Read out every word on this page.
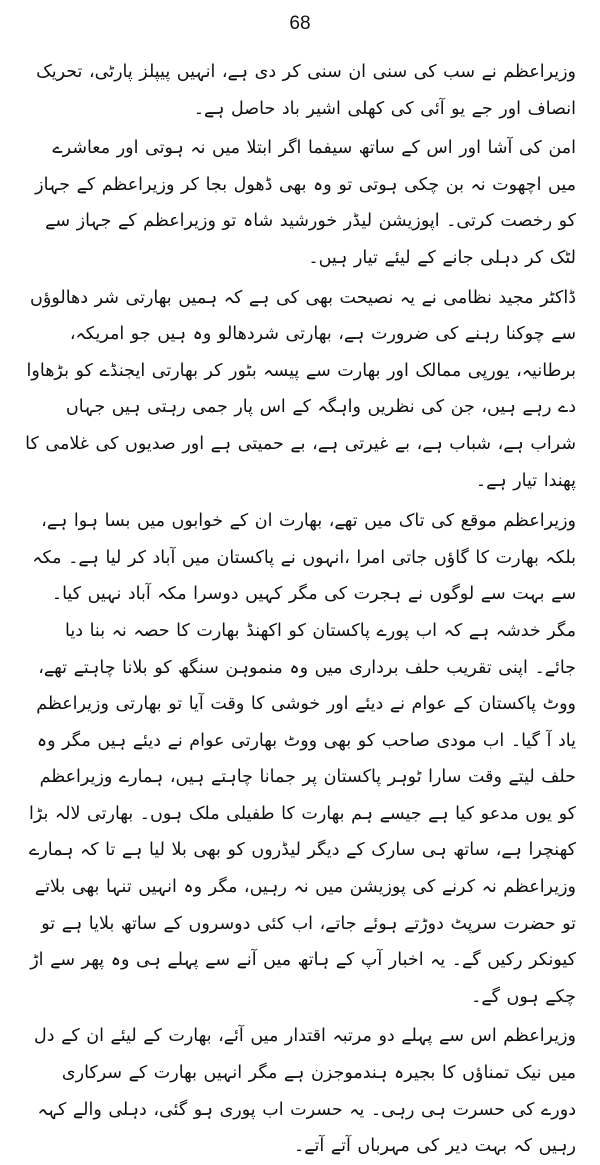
68

وزیراعظم نے سب کی سنی ان سنی کر دی ہے، انہیں پیپلز پارٹی، تحریک انصاف اور جے یو آئی کی کھلی اشیر باد حاصل ہے۔

امن کی آشا اور اس کے ساتھ سیفما اگر ابتلا میں نہ ہوتی اور معاشرے میں اچھوت نہ بن چکی ہوتی تو وہ بھی ڈھول بجا کر وزیراعظم کے جہاز کو رخصت کرتی۔ اپوزیشن لیڈر خورشید شاہ تو وزیراعظم کے جہاز سے لٹک کر دہلی جانے کے لیئے تیار ہیں۔

ڈاکٹر مجید نظامی نے یہ نصیحت بھی کی ہے کہ ہمیں بھارتی شر دھالوؤں سے چوکنا رہنے کی ضرورت ہے، بھارتی شردھالو وہ ہیں جو امریکہ، برطانیہ، یورپی ممالک اور بھارت سے پیسہ بٹور کر بھارتی ایجنڈے کو بڑھاوا دے رہے ہیں، جن کی نظریں واہگہ کے اس پار جمی رہتی ہیں جہاں شراب ہے، شباب ہے، بے غیرتی ہے، بے حمیتی ہے اور صدیوں کی غلامی کا پھندا تیار ہے۔

وزیراعظم موقع کی تاک میں تھے، بھارت ان کے خوابوں میں بسا ہوا ہے، بلکہ بھارت کا گاؤں جاتی امرا ،انہوں نے پاکستان میں آباد کر لیا ہے۔ مکہ سے بہت سے لوگوں نے ہجرت کی مگر کہیں دوسرا مکہ آباد نہیں کیا۔ مگر خدشہ ہے کہ اب پورے پاکستان کو اکھنڈ بھارت کا حصہ نہ بنا دیا جائے۔ اپنی تقریب حلف برداری میں وہ منموہن سنگھ کو بلانا چاہتے تھے، ووٹ پاکستان کے عوام نے دیئے اور خوشی کا وقت آیا تو بھارتی وزیراعظم یاد آ گیا۔ اب مودی صاحب کو بھی ووٹ بھارتی عوام نے دیئے ہیں مگر وہ حلف لیتے وقت سارا ٹوہر پاکستان پر جمانا چاہتے ہیں، ہمارے وزیراعظم کو یوں مدعو کیا ہے جیسے ہم بھارت کا طفیلی ملک ہوں۔ بھارتی لالہ بڑا کھنچرا ہے، ساتھ ہی سارک کے دیگر لیڈروں کو بھی بلا لیا ہے تا کہ ہمارے وزیراعظم نہ کرنے کی پوزیشن میں نہ رہیں، مگر وہ انہیں تنہا بھی بلاتے تو حضرت سرپٹ دوڑتے ہوئے جاتے، اب کئی دوسروں کے ساتھ بلایا ہے تو کیونکر رکیں گے۔ یہ اخبار آپ کے ہاتھ میں آنے سے پہلے ہی وہ پھر سے اڑ چکے ہوں گے۔

وزیراعظم اس سے پہلے دو مرتبہ اقتدار میں آئے، بھارت کے لیئے ان کے دل میں نیک تمناؤں کا بجیرہ ہندموجزن ہے مگر انہیں بھارت کے سرکاری دورے کی حسرت ہی رہی۔ یہ حسرت اب پوری ہو گئی، دہلی والے کہہ رہیں کہ بہت دیر کی مہرباں آتے آتے۔
